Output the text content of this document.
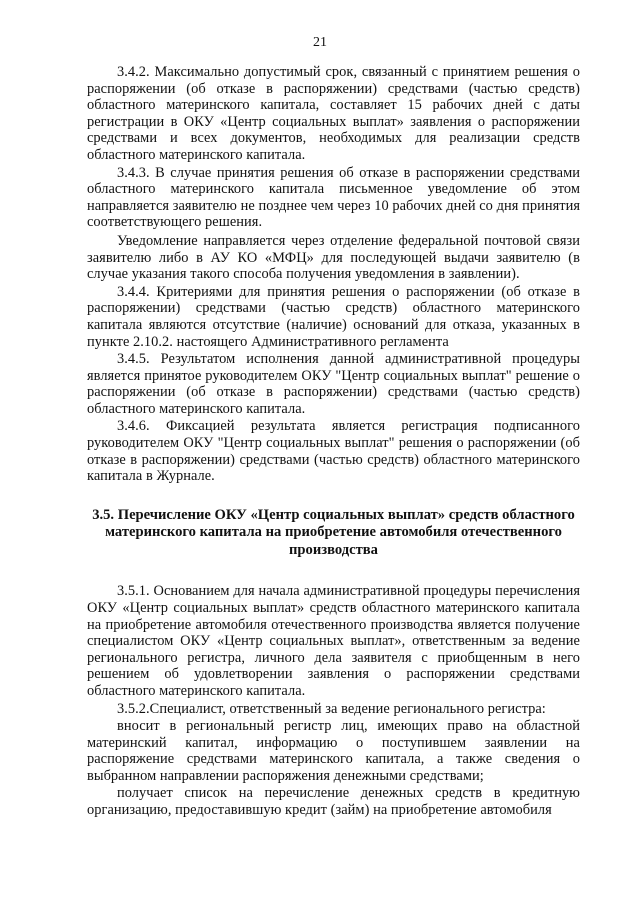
21

3.4.2. Максимально допустимый срок, связанный с принятием решения о распоряжении (об отказе в распоряжении) средствами (частью средств) областного материнского капитала, составляет 15 рабочих дней с даты регистрации в ОКУ «Центр социальных выплат» заявления о распоряжении средствами и всех документов, необходимых для реализации средств областного материнского капитала.

3.4.3. В случае принятия решения об отказе в распоряжении средствами областного материнского капитала письменное уведомление об этом направляется заявителю не позднее чем через 10 рабочих дней со дня принятия соответствующего решения.

Уведомление направляется через отделение федеральной почтовой связи заявителю либо в АУ КО «МФЦ» для последующей выдачи заявителю (в случае указания такого способа получения уведомления в заявлении).

3.4.4. Критериями для принятия решения о распоряжении (об отказе в распоряжении) средствами (частью средств) областного материнского капитала являются отсутствие (наличие) оснований для отказа, указанных в пункте 2.10.2. настоящего Административного регламента

3.4.5. Результатом исполнения данной административной процедуры является принятое руководителем ОКУ "Центр социальных выплат" решение о распоряжении (об отказе в распоряжении) средствами (частью средств) областного материнского капитала.

3.4.6. Фиксацией результата является регистрация подписанного руководителем ОКУ "Центр социальных выплат" решения о распоряжении (об отказе в распоряжении) средствами (частью средств) областного материнского капитала в Журнале.

3.5. Перечисление ОКУ «Центр социальных выплат» средств областного материнского капитала на приобретение автомобиля отечественного производства

3.5.1. Основанием для начала административной процедуры перечисления ОКУ «Центр социальных выплат» средств областного материнского капитала на приобретение автомобиля отечественного производства является получение специалистом ОКУ «Центр социальных выплат», ответственным за ведение регионального регистра, личного дела заявителя с приобщенным в него решением об удовлетворении заявления о распоряжении средствами областного материнского капитала.

3.5.2.Специалист, ответственный за ведение регионального регистра:

вносит в региональный регистр лиц, имеющих право на областной материнский капитал, информацию о поступившем заявлении на распоряжение средствами материнского капитала, а также сведения о выбранном направлении распоряжения денежными средствами;

получает список на перечисление денежных средств в кредитную организацию, предоставившую кредит (займ) на приобретение автомобиля
